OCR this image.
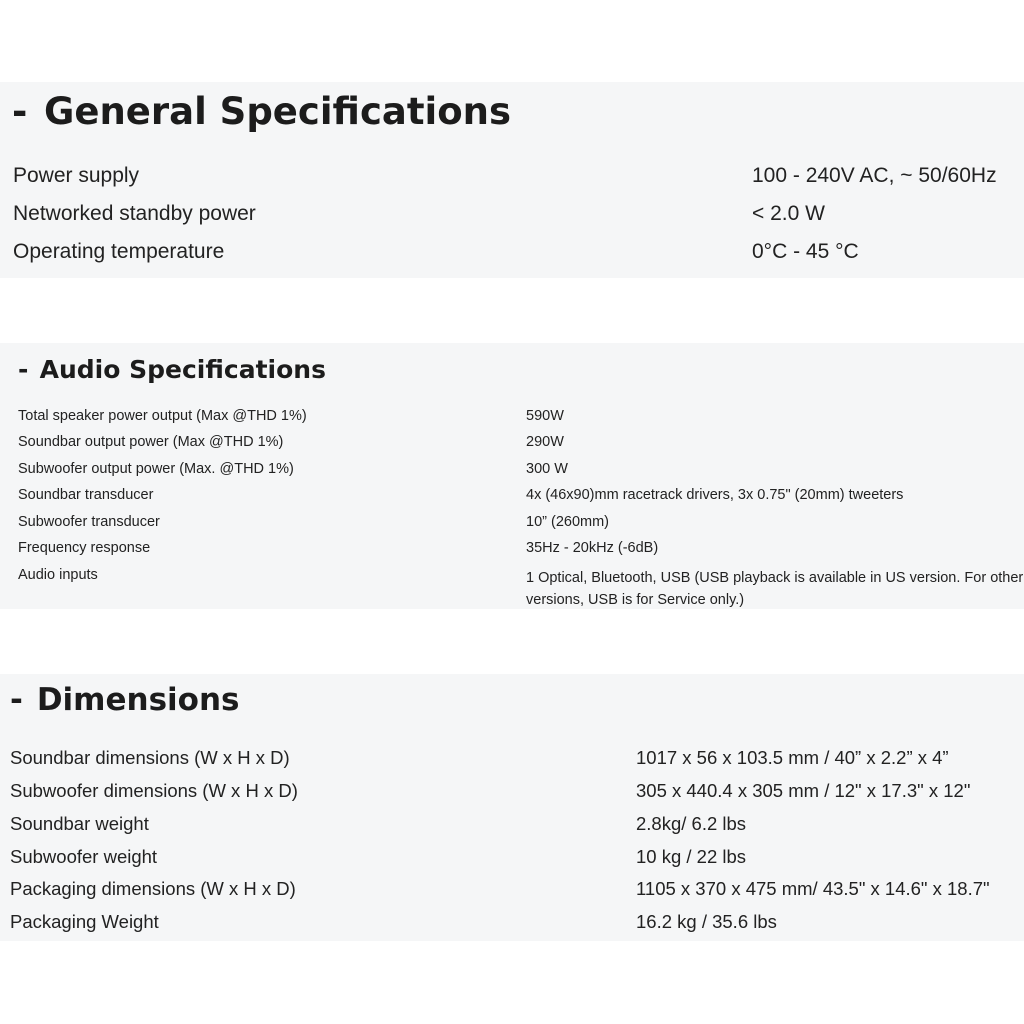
- General Specifications
Power supply	100 - 240V AC, ~ 50/60Hz
Networked standby power	< 2.0 W
Operating temperature	0°C - 45 °C
- Audio Specifications
Total speaker power output (Max @THD 1%)	590W
Soundbar output power (Max @THD 1%)	290W
Subwoofer output power (Max. @THD 1%)	300 W
Soundbar transducer	4x (46x90)mm racetrack drivers, 3x 0.75" (20mm) tweeters
Subwoofer transducer	10” (260mm)
Frequency response	35Hz - 20kHz (-6dB)
Audio inputs	1 Optical, Bluetooth, USB (USB playback is available in US version. For other versions, USB is for Service only.)
- Dimensions
Soundbar dimensions (W x H x D)	1017 x 56 x 103.5 mm / 40” x 2.2” x 4”
Subwoofer dimensions (W x H x D)	305 x 440.4 x 305 mm / 12" x 17.3" x 12"
Soundbar weight	2.8kg/ 6.2 lbs
Subwoofer weight	10 kg / 22 lbs
Packaging dimensions (W x H x D)	1105 x 370 x 475 mm/ 43.5" x 14.6" x 18.7"
Packaging Weight	16.2 kg / 35.6 lbs
